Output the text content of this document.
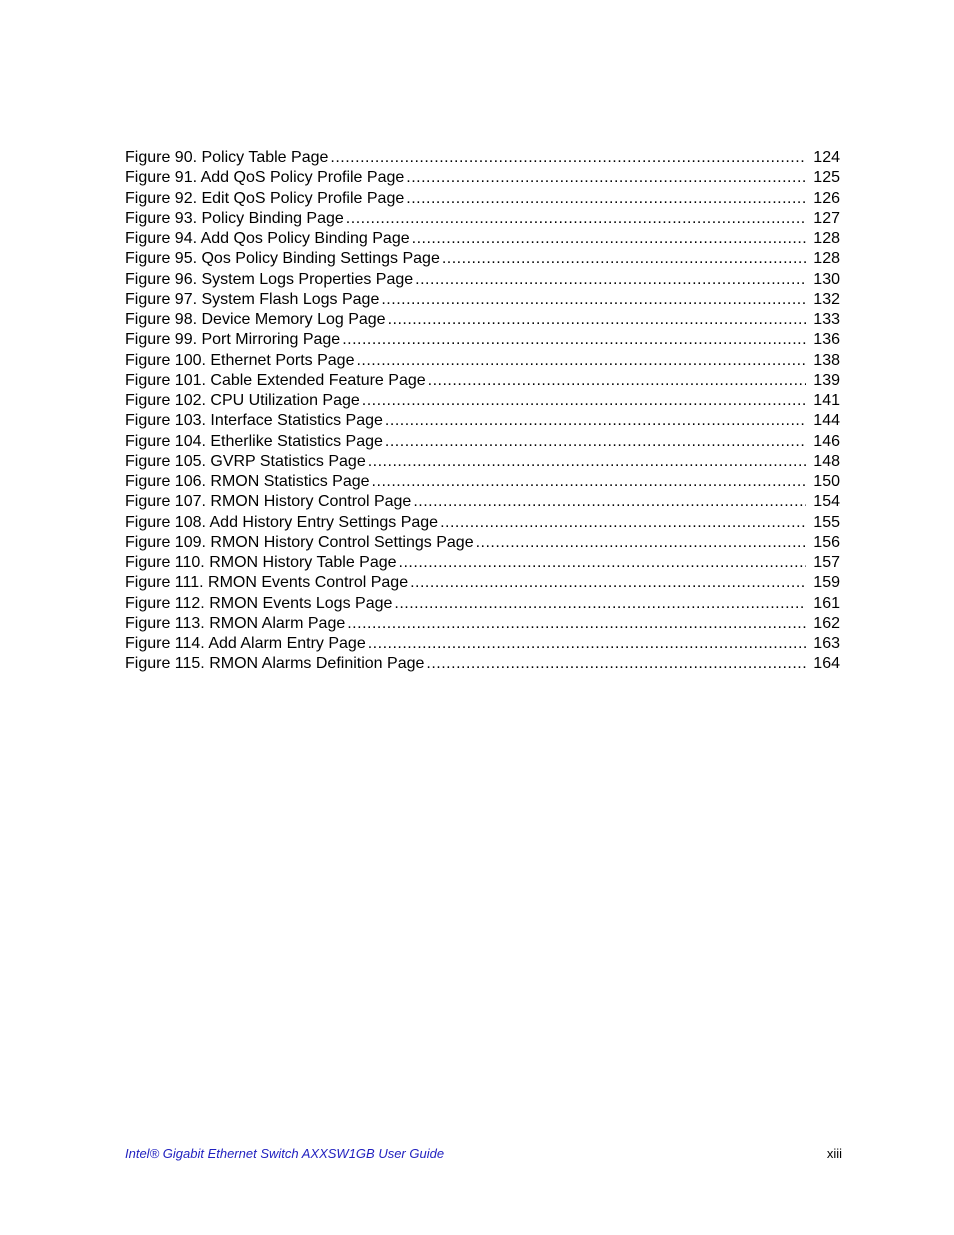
Figure 90. Policy Table Page .....	124
Figure 91. Add QoS Policy Profile Page .....	125
Figure 92. Edit QoS Policy Profile Page .....	126
Figure 93. Policy Binding Page .....	127
Figure 94. Add Qos Policy Binding Page .....	128
Figure 95. Qos Policy Binding Settings Page .....	128
Figure 96. System Logs Properties Page .....	130
Figure 97. System Flash Logs Page .....	132
Figure 98. Device Memory Log Page .....	133
Figure 99. Port Mirroring Page .....	136
Figure 100. Ethernet Ports Page .....	138
Figure 101. Cable Extended Feature Page .....	139
Figure 102. CPU Utilization Page .....	141
Figure 103. Interface Statistics Page .....	144
Figure 104. Etherlike Statistics Page .....	146
Figure 105. GVRP Statistics Page .....	148
Figure 106. RMON Statistics Page .....	150
Figure 107. RMON History Control Page .....	154
Figure 108. Add History Entry Settings Page .....	155
Figure 109. RMON History Control Settings Page .....	156
Figure 110. RMON History Table Page .....	157
Figure 111. RMON Events Control Page .....	159
Figure 112. RMON Events Logs Page .....	161
Figure 113. RMON Alarm Page .....	162
Figure 114. Add Alarm Entry Page .....	163
Figure 115. RMON Alarms Definition Page .....	164
Intel® Gigabit Ethernet Switch AXXSW1GB User Guide	xiii
